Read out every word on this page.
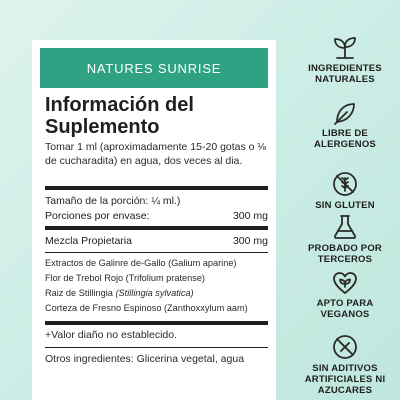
NATURES SUNRISE
Información del
Suplemento
Tomar 1 ml (aproximadamente 15-20 gotas o ⅛ de cucharadita) en agua, dos veces al dia.
Tamaño de la porción: ¼ ml.)
Porciones por envase:	300 mg
Mezcla Propietaria	300 mg
Extractos de Galinre de-Gallo (Galium aparine)
Flor de Trebol Rojo (Trifolium pratense)
Raiz de Stillingia (Stillingia sylvatica)
Corteza de Fresno Espinoso (Zanthoxxylum aam)
+Valor diaño no establecido.
Otros ingredientes: Glicerina vegetal, agua
INGREDIENTES
NATURALES
LIBRE DE
ALERGENOS
SIN GLUTEN
PROBADO POR
TERCEROS
APTO PARA
VEGANOS
SIN ADITIVOS
ARTIFICIALES NI AZUCARES
